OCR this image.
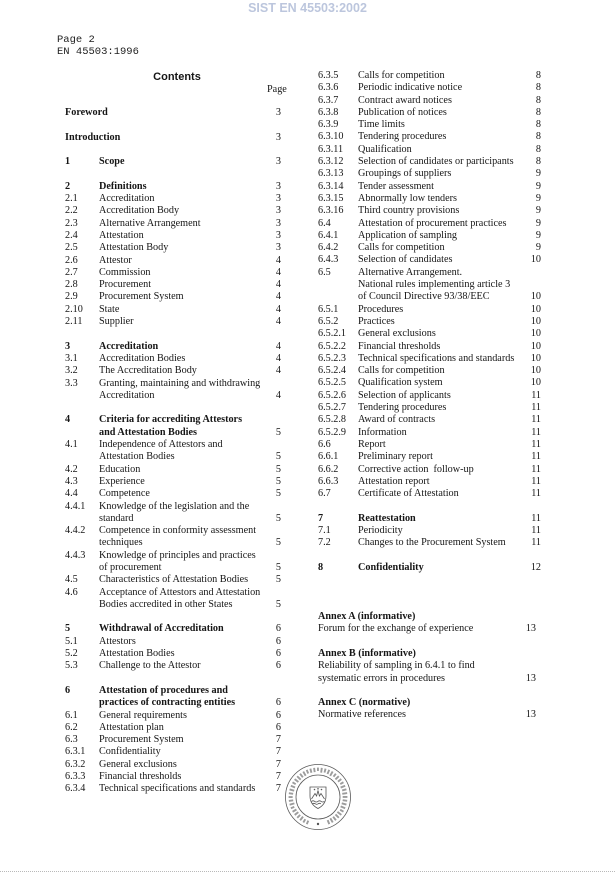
SIST EN 45503:2002
Page 2
EN 45503:1996
Contents
Page
Foreword	3
Introduction	3
1	Scope	3
2	Definitions	3
2.1 Accreditation	3
2.2 Accreditation Body	3
2.3 Alternative Arrangement	3
2.4 Attestation	3
2.5 Attestation Body	3
2.6 Attestor	4
2.7 Commission	4
2.8 Procurement	4
2.9 Procurement System	4
2.10 State	4
2.11 Supplier	4
3	Accreditation	4
3.1 Accreditation Bodies	4
3.2 The Accreditation Body	4
3.3 Granting, maintaining and withdrawing
Accreditation	4
4	Criteria for accrediting Attestors
and Attestation Bodies	5
4.1 Independence of Attestors and
Attestation Bodies	5
4.2 Education	5
4.3 Experience	5
4.4 Competence	5
4.4.1 Knowledge of the legislation and the
standard	5
4.4.2 Competence in conformity assessment
techniques	5
4.4.3 Knowledge of principles and practices
of procurement	5
4.5 Characteristics of Attestation Bodies	5
4.6 Acceptance of Attestors and Attestation
Bodies accredited in other States	5
5	Withdrawal of Accreditation	6
5.1 Attestors	6
5.2 Attestation Bodies	6
5.3 Challenge to the Attestor	6
6	Attestation of procedures and
practices of contracting entities	6
6.1 General requirements	6
6.2 Attestation plan	6
6.3 Procurement System	7
6.3.1 Confidentiality	7
6.3.2 General exclusions	7
6.3.3 Financial thresholds	7
6.3.4 Technical specifications and standards 7
6.3.5 Calls for competition	8
6.3.6 Periodic indicative notice	8
6.3.7 Contract award notices	8
6.3.8 Publication of notices	8
6.3.9 Time limits	8
6.3.10 Tendering procedures	8
6.3.11 Qualification	8
6.3.12 Selection of candidates or participants 8
6.3.13 Groupings of suppliers	9
6.3.14 Tender assessment	9
6.3.15 Abnormally low tenders	9
6.3.16 Third country provisions	9
6.4	Attestation of procurement practices	9
6.4.1 Application of sampling	9
6.4.2 Calls for competition	9
6.4.3 Selection of candidates	10
6.5	Alternative Arrangement.
National rules implementing article 3
of Council Directive 93/38/EEC	10
6.5.1 Procedures	10
6.5.2 Practices	10
6.5.2.1 General exclusions	10
6.5.2.2 Financial thresholds	10
6.5.2.3 Technical specifications and standards 10
6.5.2.4 Calls for competition	10
6.5.2.5 Qualification system	10
6.5.2.6 Selection of applicants	11
6.5.2.7 Tendering procedures	11
6.5.2.8 Award of contracts	11
6.5.2.9 Information	11
6.6	Report	11
6.6.1 Preliminary report	11
6.6.2 Corrective action  follow-up	11
6.6.3 Attestation report	11
6.7	Certificate of Attestation	11
7	Reattestation	11
7.1	Periodicity	11
7.2	Changes to the Procurement System 11
8	Confidentiality	12
Annex A (informative)
Forum for the exchange of experience	13
Annex B (informative)
Reliability of sampling in 6.4.1 to find
systematic errors in procedures	13
Annex C (normative)
Normative references	13
